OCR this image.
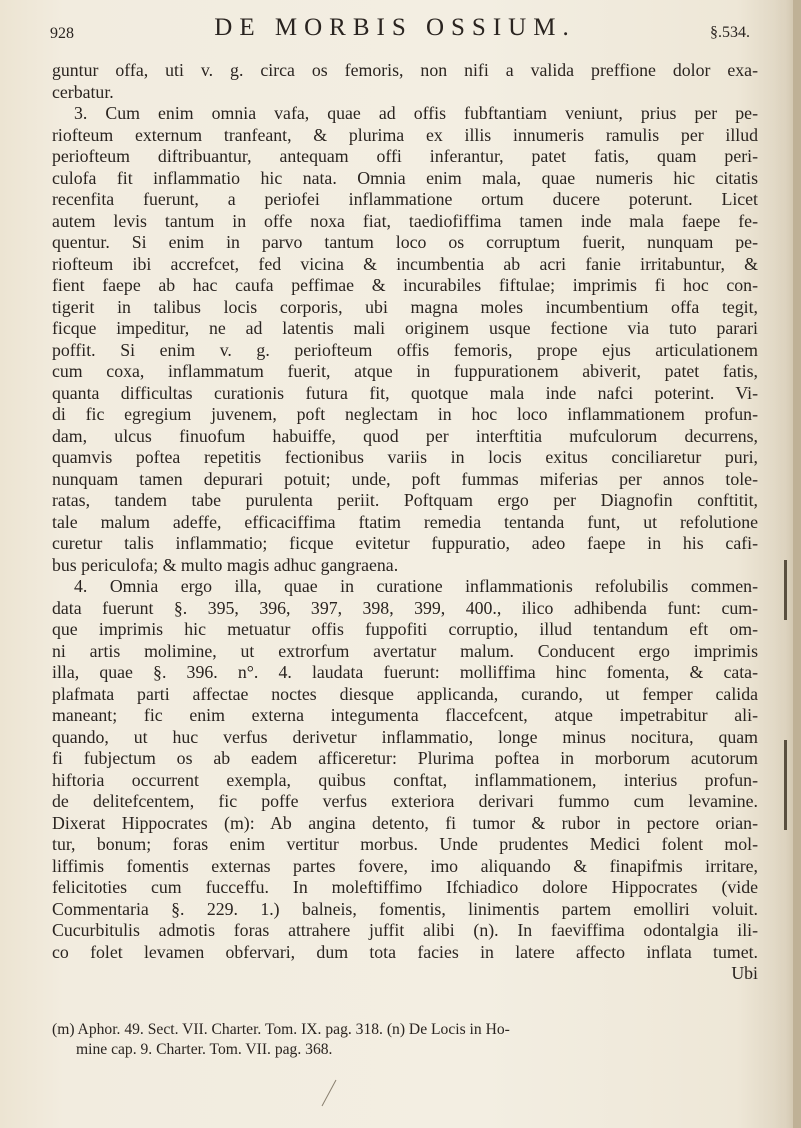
928	DE MORBIS OSSIUM.	§.534.
guntur offa, uti v. g. circa os femoris, non nifi a valida preffione dolor exa-
cerbatur.
3. Cum enim omnia vafa, quae ad offis fubftantiam veniunt, prius per pe-
riofteum externum tranfeant, & plurima ex illis innumeris ramulis per illud
periofteum diftribuantur, antequam offi inferantur, patet fatis, quam peri-
culofa fit inflammatio hic nata. Omnia enim mala, quae numeris hic citatis
recenfita fuerunt, a periofei inflammatione ortum ducere poterunt. Licet
autem levis tantum in offe noxa fiat, taediofiffima tamen inde mala faepe fe-
quentur. Si enim in parvo tantum loco os corruptum fuerit, nunquam pe-
riofteum ibi accrefcet, fed vicina & incumbentia ab acri fanie irritabuntur, &
fient faepe ab hac caufa peffimae & incurabiles fiftulae; imprimis fi hoc con-
tigerit in talibus locis corporis, ubi magna moles incumbentium offa tegit,
ficque impeditur, ne ad latentis mali originem usque fectione via tuto parari
poffit. Si enim v. g. periofteum offis femoris, prope ejus articulationem
cum coxa, inflammatum fuerit, atque in fuppurationem abiverit, patet fatis,
quanta difficultas curationis futura fit, quotque mala inde nafci poterint. Vi-
di fic egregium juvenem, poft neglectam in hoc loco inflammationem profun-
dam, ulcus finuofum habuiffe, quod per interftitia mufculorum decurrens,
quamvis poftea repetitis fectionibus variis in locis exitus conciliaretur puri,
nunquam tamen depurari potuit; unde, poft fummas miferias per annos tole-
ratas, tandem tabe purulenta periit. Poftquam ergo per Diagnofin conftitit,
tale malum adeffe, efficaciffima ftatim remedia tentanda funt, ut refolutione
curetur talis inflammatio; ficque evitetur fuppuratio, adeo faepe in his cafi-
bus periculofa; & multo magis adhuc gangraena.
4. Omnia ergo illa, quae in curatione inflammationis refolubilis commen-
data fuerunt §. 395, 396, 397, 398, 399, 400., ilico adhibenda funt: cum-
que imprimis hic metuatur offis fuppofiti corruptio, illud tentandum eft om-
ni artis molimine, ut extrorfum avertatur malum. Conducent ergo imprimis
illa, quae §. 396. n°. 4. laudata fuerunt: molliffima hinc fomenta, & cata-
plafmata parti affectae noctes diesque applicanda, curando, ut femper calida
maneant; fic enim externa integumenta flaccefcent, atque impetrabitur ali-
quando, ut huc verfus derivetur inflammatio, longe minus nocitura, quam
fi fubjectum os ab eadem afficeretur: Plurima poftea in morborum acutorum
hiftoria occurrent exempla, quibus conftat, inflammationem, interius profun-
de delitefcentem, fic poffe verfus exteriora derivari fummo cum levamine.
Dixerat Hippocrates (m): Ab angina detento, fi tumor & rubor in pectore orian-
tur, bonum; foras enim vertitur morbus. Unde prudentes Medici folent mol-
liffimis fomentis externas partes fovere, imo aliquando & finapifmis irritare,
felicitoties cum fucceffu. In moleftiffimo Ifchiadico dolore Hippocrates (vide
Commentaria §. 229. 1.) balneis, fomentis, linimentis partem emolliri voluit.
Cucurbitulis admotis foras attrahere juffit alibi (n). In faeviffima odontalgia ili-
co folet levamen obfervari, dum tota facies in latere affecto inflata tumet.
Ubi
(m) Aphor. 49. Sect. VII. Charter. Tom. IX. pag. 318. (n) De Locis in Ho-
mine cap. 9. Charter. Tom. VII. pag. 368.
